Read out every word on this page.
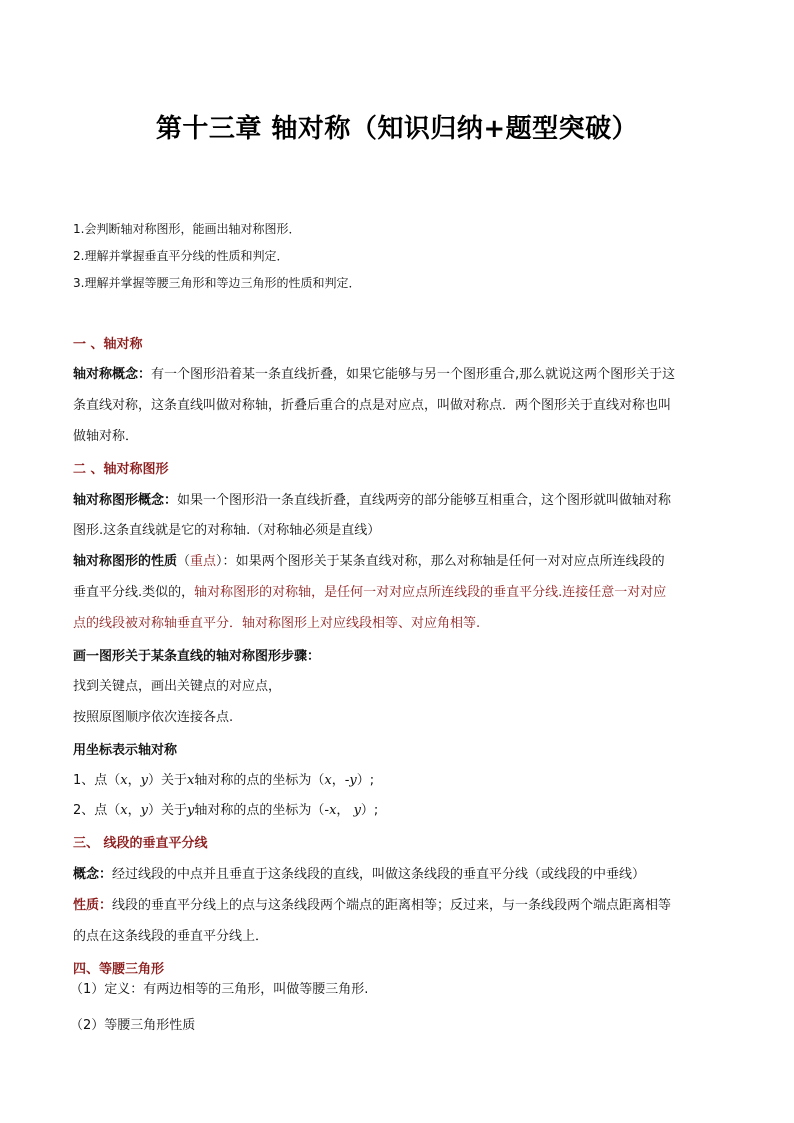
第十三章 轴对称（知识归纳+题型突破）
1.会判断轴对称图形，能画出轴对称图形．
2.理解并掌握垂直平分线的性质和判定．
3.理解并掌握等腰三角形和等边三角形的性质和判定．
一 、轴对称
轴对称概念：有一个图形沿着某一条直线折叠，如果它能够与另一个图形重合,那么就说这两个图形关于这
条直线对称，这条直线叫做对称轴，折叠后重合的点是对应点，叫做对称点．两个图形关于直线对称也叫
做轴对称．
二 、轴对称图形
轴对称图形概念：如果一个图形沿一条直线折叠，直线两旁的部分能够互相重合，这个图形就叫做轴对称
图形.这条直线就是它的对称轴.（对称轴必须是直线）
轴对称图形的性质（重点）：如果两个图形关于某条直线对称，那么对称轴是任何一对对应点所连线段的
垂直平分线.类似的，轴对称图形的对称轴，是任何一对对应点所连线段的垂直平分线.连接任意一对对应
点的线段被对称轴垂直平分．轴对称图形上对应线段相等、对应角相等.
画一图形关于某条直线的轴对称图形步骤：
找到关键点，画出关键点的对应点，
按照原图顺序依次连接各点.
用坐标表示轴对称
1、点（x，y）关于x轴对称的点的坐标为（x，-y）;
2、点（x，y）关于y轴对称的点的坐标为（-x， y）;
三、 线段的垂直平分线
概念：经过线段的中点并且垂直于这条线段的直线，叫做这条线段的垂直平分线（或线段的中垂线）
性质：线段的垂直平分线上的点与这条线段两个端点的距离相等；反过来，与一条线段两个端点距离相等
的点在这条线段的垂直平分线上．
四、等腰三角形
（1）定义：有两边相等的三角形，叫做等腰三角形.
（2）等腰三角形性质
